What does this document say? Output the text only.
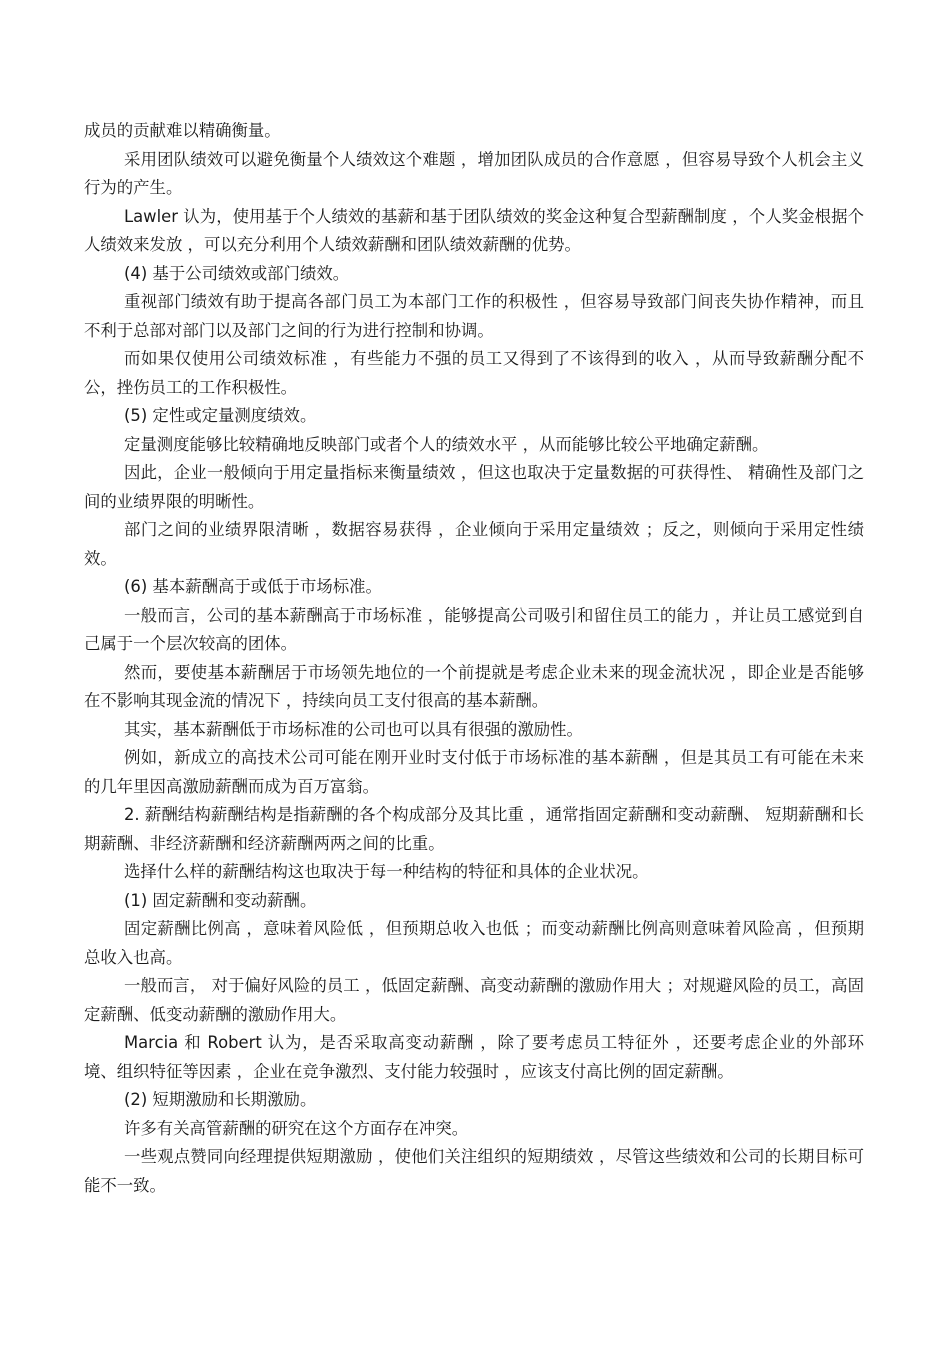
成员的贡献难以精确衡量。

采用团队绩效可以避免衡量个人绩效这个难题 ，增加团队成员的合作意愿 ，但容易导致个人机会主义行为的产生。

Lawler 认为，使用基于个人绩效的基薪和基于团队绩效的奖金这种复合型薪酬制度 ，个人奖金根据个人绩效来发放 ，可以充分利用个人绩效薪酬和团队绩效薪酬的优势。

(4) 基于公司绩效或部门绩效。

重视部门绩效有助于提高各部门员工为本部门工作的积极性 ，但容易导致部门间丧失协作精神，而且不利于总部对部门以及部门之间的行为进行控制和协调。

而如果仅使用公司绩效标准 ，有些能力不强的员工又得到了不该得到的收入 ，从而导致薪酬分配不公，挫伤员工的工作积极性。

(5) 定性或定量测度绩效。

定量测度能够比较精确地反映部门或者个人的绩效水平 ，从而能够比较公平地确定薪酬。

因此，企业一般倾向于用定量指标来衡量绩效 ，但这也取决于定量数据的可获得性、 精确性及部门之间的业绩界限的明晰性。

部门之间的业绩界限清晰 ，数据容易获得 ，企业倾向于采用定量绩效 ；反之，则倾向于采用定性绩效。

(6) 基本薪酬高于或低于市场标准。

一般而言，公司的基本薪酬高于市场标准 ，能够提高公司吸引和留住员工的能力 ，并让员工感觉到自己属于一个层次较高的团体。

然而，要使基本薪酬居于市场领先地位的一个前提就是考虑企业未来的现金流状况 ，即企业是否能够在不影响其现金流的情况下 ，持续向员工支付很高的基本薪酬。

其实，基本薪酬低于市场标准的公司也可以具有很强的激励性。

例如，新成立的高技术公司可能在刚开业时支付低于市场标准的基本薪酬 ，但是其员工有可能在未来的几年里因高激励薪酬而成为百万富翁。

2. 薪酬结构薪酬结构是指薪酬的各个构成部分及其比重 ，通常指固定薪酬和变动薪酬、 短期薪酬和长期薪酬、非经济薪酬和经济薪酬两两之间的比重。

选择什么样的薪酬结构这也取决于每一种结构的特征和具体的企业状况。

(1) 固定薪酬和变动薪酬。

固定薪酬比例高 ，意味着风险低 ，但预期总收入也低 ；而变动薪酬比例高则意味着风险高 ，但预期总收入也高。

一般而言， 对于偏好风险的员工 ，低固定薪酬、高变动薪酬的激励作用大 ；对规避风险的员工，高固定薪酬、低变动薪酬的激励作用大。

Marcia 和 Robert 认为，是否采取高变动薪酬 ，除了要考虑员工特征外 ，还要考虑企业的外部环境、组织特征等因素 ，企业在竞争激烈、支付能力较强时 ，应该支付高比例的固定薪酬。

(2) 短期激励和长期激励。

许多有关高管薪酬的研究在这个方面存在冲突。

一些观点赞同向经理提供短期激励 ，使他们关注组织的短期绩效 ，尽管这些绩效和公司的长期目标可能不一致。
